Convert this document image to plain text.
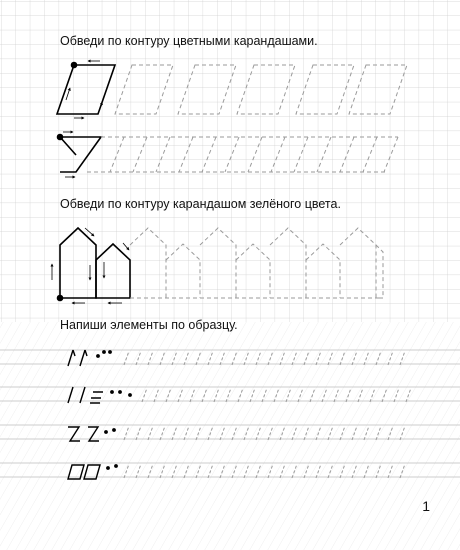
Обведи по контуру цветными карандашами.

Обведи по контуру карандашом зелёного цвета.

Напиши элементы по образцу.

1
